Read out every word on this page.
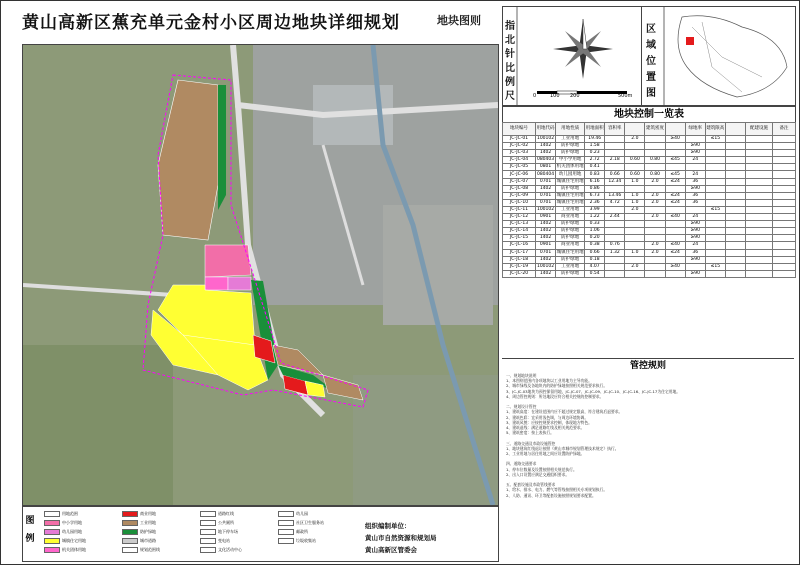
黄山高新区蕉充单元金村小区周边地块详细规划	地块图则 指北针比例尺	0	100 200	500m
区域位置图
地块控制一览表
地块编号	用地代码	用地性质	用地面积	容积率		建筑密度		绿地率	建筑限高		配建设施	备注
JC-JC-01	100102	工业用地	19.46		2.0		≥40		≤15			
JC-JC-02	1402	防护绿地	1.58					≥90				
JC-JC-03	1402	防护绿地	0.23					≥90				
JC-JC-04	080403	中小学用地	2.72	2.18	0.60	0.80	≤45	24				
JC-JC-05	0801	机关团体用地	0.41									
JC-JC-06	080404	幼儿园用地	0.83	0.66	0.60	0.80	≤45	24				
JC-JC-07	0701	城镇住宅用地	6.16	12.34	1.0	2.0	≤24	36				
JC-JC-08	1402	防护绿地	0.86					≥90				
JC-JC-09	0701	城镇住宅用地	6.73	13.46	1.0	2.0	≤24	36				
JC-JC-10	0701	城镇住宅用地	2.36	4.72	1.0	2.0	≤24	36				
JC-JC-11	100102	工业用地	3.99		2.0				≤15			
JC-JC-12	0901	商业用地	1.22	2.44		2.0	≤40	24				
JC-JC-13	1402	防护绿地	0.33					≥90				
JC-JC-14	1402	防护绿地	1.06					≥90				
JC-JC-15	1402	防护绿地	0.20					≥90				
JC-JC-16	0901	商业用地	0.38	0.76		2.0	≤40	24				
JC-JC-17	0701	城镇住宅用地	0.66	1.32	1.0	2.0	≤24	36				
JC-JC-18	1402	防护绿地	0.18					≥90				
JC-JC-19	100102	工业用地	4.07		2.0		≥40		≤15			
JC-JC-20	1402	防护绿地	0.54					≥90				
管控规则

一、规划地块说明

1、本图则范围内各项地块以工业用地为主导功能。

2、城市绿线及各地块内的防护绿地按照相关规范要求执行。

3、JC-JC-03地块为预控保留用地，JC-JC-07、JC-JC-09、JC-JC-10、JC-JC-16、JC-JC-17为住宅用地。

4、周边管控规则：所处地段应符合相关控规的控制要求。

二、规划设计管控

1、建筑高度：在建设范围内应不超过规定限高，符合建筑后退要求。

2、建筑色彩：宜采用浅色调，与周边环境协调。

3、建筑风貌：应按控规要求控制，体现地方特色。

4、建筑退线：满足道路红线及相关规范要求。

5、建筑密度：按上表执行。

三、道路交通及市政设施管控

1、地块建筑红线退让按照《黄山市城市规划管理技术规定》执行。

2、工业用地与居住用地之间应设置防护绿地。

四、道路交通要求

1、停车位数量及设置按照相关规范执行。

2、出入口设置应满足交通组织要求。

五、配套设施及市政管线要求

1、给水、排水、电力、燃气等管线按照相关专项规划执行。

2、人防、通讯、环卫等配套设施按照规划要求配置。

图例
用地范围
中小学用地
幼儿园用地
城镇住宅用地
机关团体用地
商业用地
工业用地
防护绿地
城市道路
规划范围线
道路红线
公共厕所
地下停车场
变电站
文化活动中心
幼儿园
社区卫生服务站
邮政所
垃圾收集站
组织编制单位：
黄山市自然资源和规划局
黄山高新区管委会
